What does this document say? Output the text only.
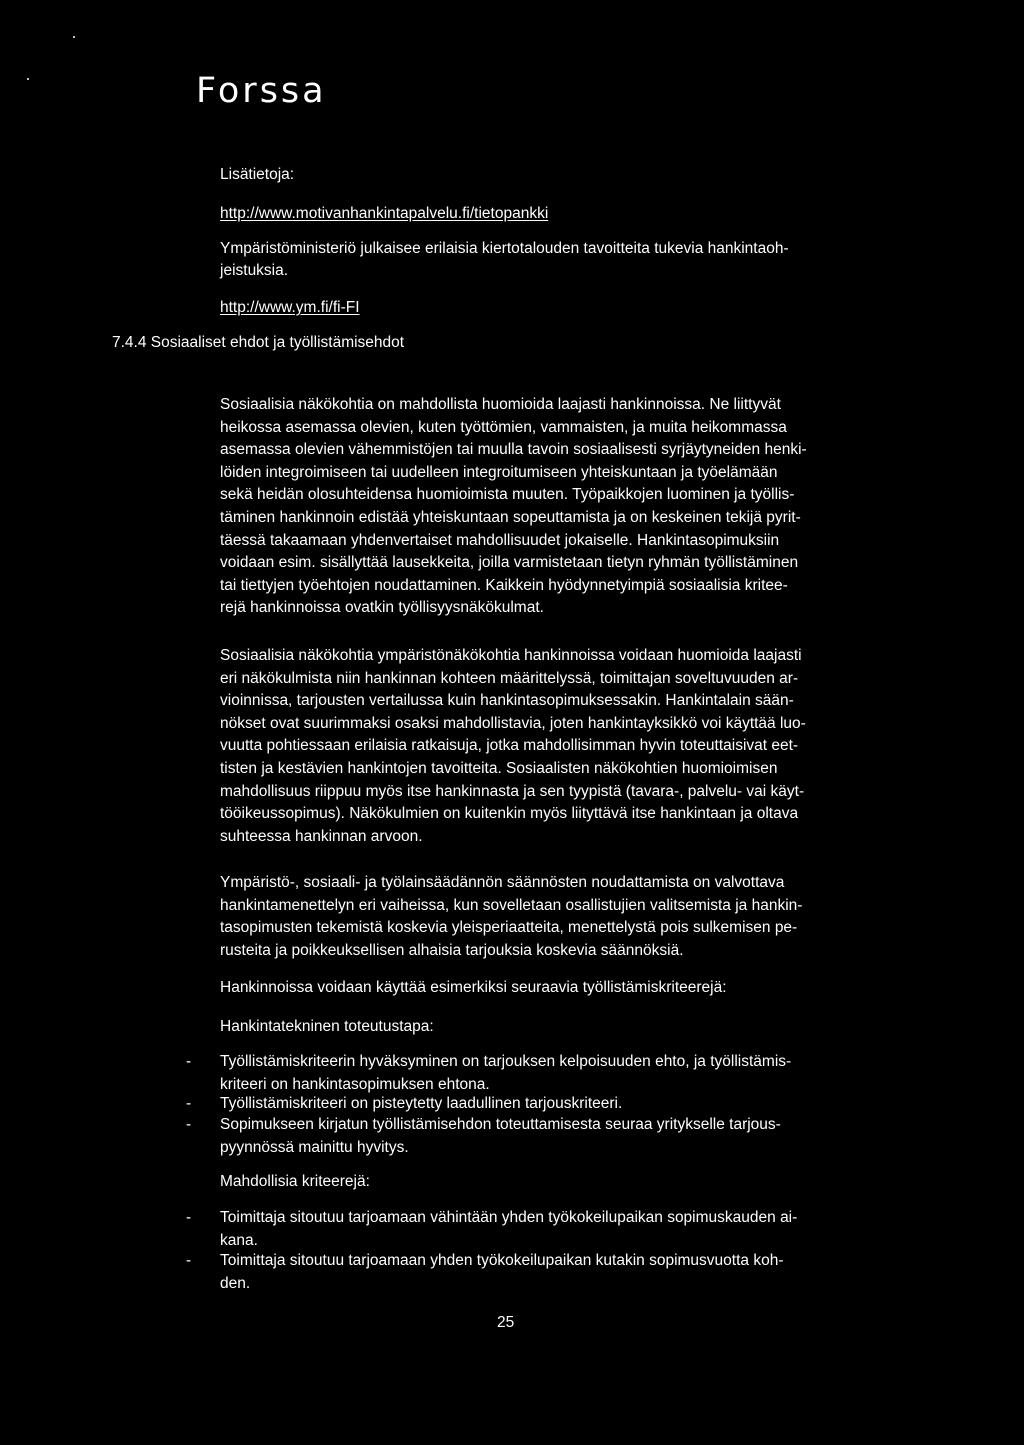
Forssa
Lisätietoja:
http://www.motivanhankintapalvelu.fi/tietopankki
Ympäristöministeriö julkaisee erilaisia kiertotalouden tavoitteita tukevia hankintaoh-
jeistuksia.
http://www.ym.fi/fi-FI
7.4.4 Sosiaaliset ehdot ja työllistämisehdot
Sosiaalisia näkökohtia on mahdollista huomioida laajasti hankinnoissa. Ne liittyvät
heikossa asemassa olevien, kuten työttömien, vammaisten, ja muita heikommassa
asemassa olevien vähemmistöjen tai muulla tavoin sosiaalisesti syrjäytyneiden henki-
löiden integroimiseen tai uudelleen integroitumiseen yhteiskuntaan ja työelämään
sekä heidän olosuhteidensa huomioimista muuten. Työpaikkojen luominen ja työllis-
täminen hankinnoin edistää yhteiskuntaan sopeuttamista ja on keskeinen tekijä pyrit-
täessä takaamaan yhdenvertaiset mahdollisuudet jokaiselle. Hankintasopimuksiin
voidaan esim. sisällyttää lausekkeita, joilla varmistetaan tietyn ryhmän työllistäminen
tai tiettyjen työehtojen noudattaminen. Kaikkein hyödynnetyimpiä sosiaalisia kritee-
rejä hankinnoissa ovatkin työllisyysnäkökulmat.
Sosiaalisia näkökohtia ympäristönäkökohtia hankinnoissa voidaan huomioida laajasti
eri näkökulmista niin hankinnan kohteen määrittelyssä, toimittajan soveltuvuuden ar-
vioinnissa, tarjousten vertailussa kuin hankintasopimuksessakin. Hankintalain sään-
nökset ovat suurimmaksi osaksi mahdollistavia, joten hankintayksikkö voi käyttää luo-
vuutta pohtiessaan erilaisia ratkaisuja, jotka mahdollisimman hyvin toteuttaisivat eet-
tisten ja kestävien hankintojen tavoitteita. Sosiaalisten näkökohtien huomioimisen
mahdollisuus riippuu myös itse hankinnasta ja sen tyypistä (tavara-, palvelu- vai käyt-
tööikeussopimus). Näkökulmien on kuitenkin myös liityttävä itse hankintaan ja oltava
suhteessa hankinnan arvoon.
Ympäristö-, sosiaali- ja työlainsäädännön säännösten noudattamista on valvottava
hankintamenettelyn eri vaiheissa, kun sovelletaan osallistujien valitsemista ja hankin-
tasopimusten tekemistä koskevia yleisperiaatteita, menettelystä pois sulkemisen pe-
rusteita ja poikkeuksellisen alhaisia tarjouksia koskevia säännöksiä.
Hankinnoissa voidaan käyttää esimerkiksi seuraavia työllistämiskriteerejä:
Hankintatekninen toteutustapa:
- Työllistämiskriteerin hyväksyminen on tarjouksen kelpoisuuden ehto, ja työllistämis-
kriteeri on hankintasopimuksen ehtona.
- Työllistämiskriteeri on pisteytetty laadullinen tarjouskriteeri.
- Sopimukseen kirjatun työllistämisehdon toteuttamisesta seuraa yritykselle tarjous-
pyynnössä mainittu hyvitys.
Mahdollisia kriteerejä:
- Toimittaja sitoutuu tarjoamaan vähintään yhden työkokeilupaikan sopimuskauden ai-
kana.
- Toimittaja sitoutuu tarjoamaan yhden työkokeilupaikan kutakin sopimusvuotta koh-
den.
25
